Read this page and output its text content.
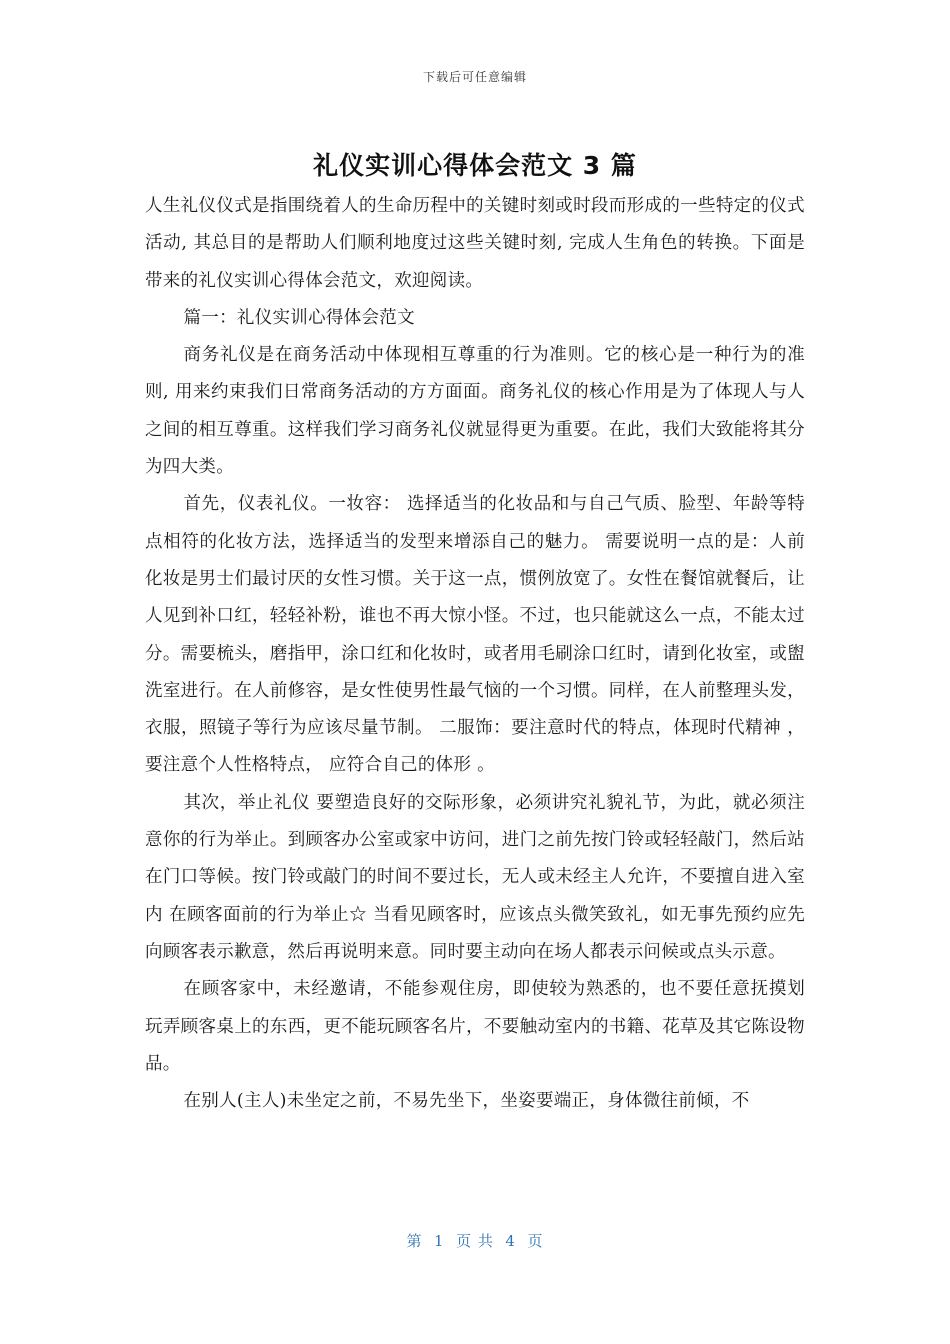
下载后可任意编辑
礼仪实训心得体会范文 3 篇

人生礼仪仪式是指围绕着人的生命历程中的关键时刻或时段而形成的一些特定的仪式活动, 其总目的是帮助人们顺利地度过这些关键时刻, 完成人生角色的转换。下面是带来的礼仪实训心得体会范文，欢迎阅读。

篇一：礼仪实训心得体会范文

商务礼仪是在商务活动中体现相互尊重的行为准则。它的核心是一种行为的准则, 用来约束我们日常商务活动的方方面面。商务礼仪的核心作用是为了体现人与人之间的相互尊重。这样我们学习商务礼仪就显得更为重要。在此，我们大致能将其分为四大类。

首先，仪表礼仪。一妆容： 选择适当的化妆品和与自己气质、脸型、年龄等特点相符的化妆方法，选择适当的发型来增添自己的魅力。 需要说明一点的是：人前化妆是男士们最讨厌的女性习惯。关于这一点，惯例放宽了。女性在餐馆就餐后，让人见到补口红，轻轻补粉，谁也不再大惊小怪。不过，也只能就这么一点，不能太过分。需要梳头，磨指甲，涂口红和化妆时，或者用毛刷涂口红时，请到化妆室，或盥洗室进行。在人前修容，是女性使男性最气恼的一个习惯。同样，在人前整理头发，衣服，照镜子等行为应该尽量节制。 二服饰：要注意时代的特点，体现时代精神 ，要注意个人性格特点， 应符合自己的体形 。

其次，举止礼仪 要塑造良好的交际形象，必须讲究礼貌礼节，为此，就必须注意你的行为举止。到顾客办公室或家中访问，进门之前先按门铃或轻轻敲门，然后站在门口等候。按门铃或敲门的时间不要过长，无人或未经主人允许，不要擅自进入室内 在顾客面前的行为举止☆ 当看见顾客时，应该点头微笑致礼，如无事先预约应先向顾客表示歉意，然后再说明来意。同时要主动向在场人都表示问候或点头示意。

在顾客家中，未经邀请，不能参观住房，即使较为熟悉的，也不要任意抚摸划玩弄顾客桌上的东西，更不能玩顾客名片，不要触动室内的书籍、花草及其它陈设物品。

在别人(主人)未坐定之前，不易先坐下，坐姿要端正，身体微往前倾，不

第  1  页 共  4  页
